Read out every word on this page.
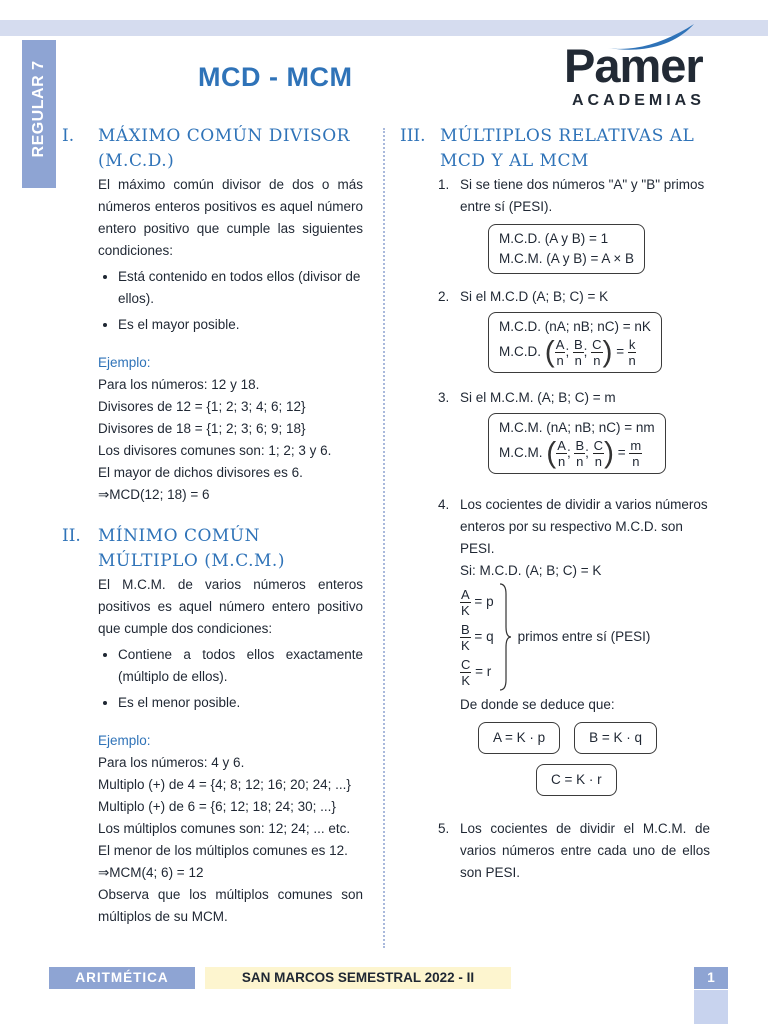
REGULAR 7	MCD - MCM	Pamer
ACADEMIAS
I.	MÁXIMO COMÚN DIVISOR (M.C.D.)

El máximo común divisor de dos o más números enteros positivos es aquel número entero positivo que cumple las siguientes condiciones:

• Está contenido en todos ellos (divisor de ellos).
• Es el mayor posible.

Ejemplo:

Para los números: 12 y 18.

Divisores de 12 = {1; 2; 3; 4; 6; 12}

Divisores de 18 = {1; 2; 3; 6; 9; 18}

Los divisores comunes son: 1; 2; 3 y 6.

El mayor de dichos divisores es 6.

⇒MCD(12; 18) = 6

II.	MÍNIMO COMÚN MÚLTIPLO (M.C.M.)

El M.C.M. de varios números enteros positivos es aquel número entero positivo que cumple dos condiciones:

• Contiene a todos ellos exactamente (múltiplo de ellos).
• Es el menor posible.

Ejemplo:

Para los números: 4 y 6.

Multiplo (+) de 4 = {4; 8; 12; 16; 20; 24; ...}

Multiplo (+) de 6 = {6; 12; 18; 24; 30; ...}

Los múltiplos comunes son: 12; 24; ... etc.

El menor de los múltiplos comunes es 12.

⇒MCM(4; 6) = 12

Observa que los múltiplos comunes son múltiplos de su MCM.

III. MÚLTIPLOS RELATIVAS AL MCD Y AL MCM
1. Si se tiene dos números "A" y "B" primos entre sí (PESI).
M.C.D. (A y B) = 1
M.C.M. (A y B) = A × B
2. Si el M.C.D (A; B; C) = K
M.C.D. (nA; nB; nC) = nK
M.C.D. ( $\frac{A}{n}$ ; $\frac{B}{n}$ ; $\frac{C}{n}$ ) = $\frac{k}{n}$
3. Si el M.C.M. (A; B; C) = m
M.C.M. (nA; nB; nC) = nm
M.C.M. ( $\frac{A}{n}$ ; $\frac{B}{n}$ ; $\frac{C}{n}$ ) = $\frac{m}{n}$
4. Los cocientes de dividir a varios números enteros por su respectivo M.C.D. son PESI.
Si: M.C.D. (A; B; C) = K
$\frac{A}{K} = p$
$\frac{B}{K} = q$
$\frac{C}{K} = r$
primos entre sí (PESI)
De donde se deduce que:
A = K · p	B = K · q
C = K · r
5. Los cocientes de dividir el M.C.M. de varios números entre cada uno de ellos son PESI.
ARITMÉTICA	SAN MARCOS SEMESTRAL 2022 - II	1
